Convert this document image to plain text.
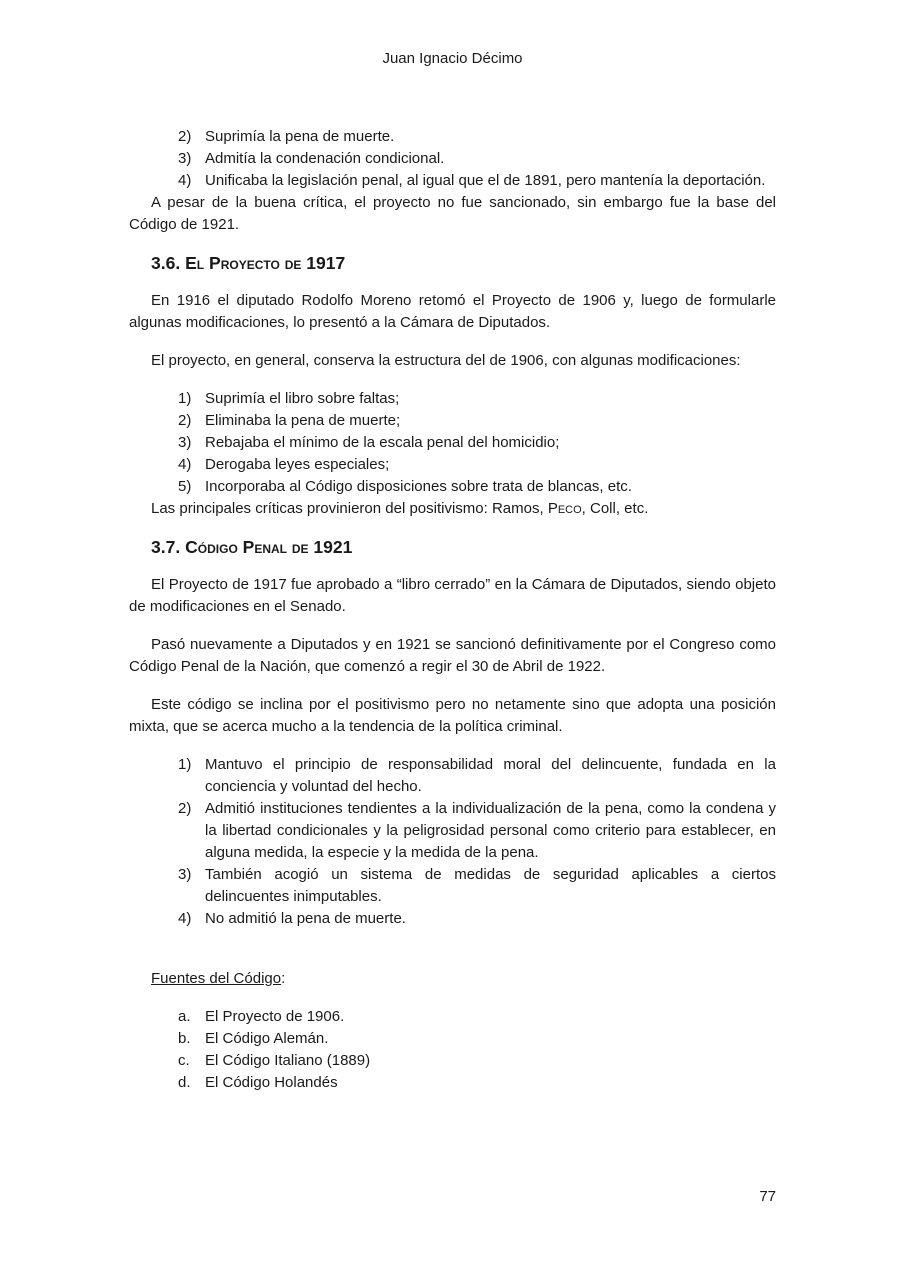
Juan Ignacio Décimo
2) Suprimía la pena de muerte.
3) Admitía la condenación condicional.
4) Unificaba la legislación penal, al igual que el de 1891, pero mantenía la deportación.

A pesar de la buena crítica, el proyecto no fue sancionado, sin embargo fue la base del Código de 1921.

3.6. El Proyecto de 1917

En 1916 el diputado Rodolfo Moreno retomó el Proyecto de 1906 y, luego de formularle algunas modificaciones, lo presentó a la Cámara de Diputados.

El proyecto, en general, conserva la estructura del de 1906, con algunas modificaciones:

1) Suprimía el libro sobre faltas;
2) Eliminaba la pena de muerte;
3) Rebajaba el mínimo de la escala penal del homicidio;
4) Derogaba leyes especiales;
5) Incorporaba al Código disposiciones sobre trata de blancas, etc.

Las principales críticas provinieron del positivismo: Ramos, Peco, Coll, etc.

3.7. Código Penal de 1921

El Proyecto de 1917 fue aprobado a “libro cerrado” en la Cámara de Diputados, siendo objeto de modificaciones en el Senado.

Pasó nuevamente a Diputados y en 1921 se sancionó definitivamente por el Congreso como Código Penal de la Nación, que comenzó a regir el 30 de Abril de 1922.

Este código se inclina por el positivismo pero no netamente sino que adopta una posición mixta, que se acerca mucho a la tendencia de la política criminal.

1) Mantuvo el principio de responsabilidad moral del delincuente, fundada en la conciencia y voluntad del hecho.
2) Admitió instituciones tendientes a la individualización de la pena, como la condena y la libertad condicionales y la peligrosidad personal como criterio para establecer, en alguna medida, la especie y la medida de la pena.
3) También acogió un sistema de medidas de seguridad aplicables a ciertos delincuentes inimputables.
4) No admitió la pena de muerte.

Fuentes del Código:

a. El Proyecto de 1906.
b. El Código Alemán.
c.	El Código Italiano (1889)
d. El Código Holandés
77
